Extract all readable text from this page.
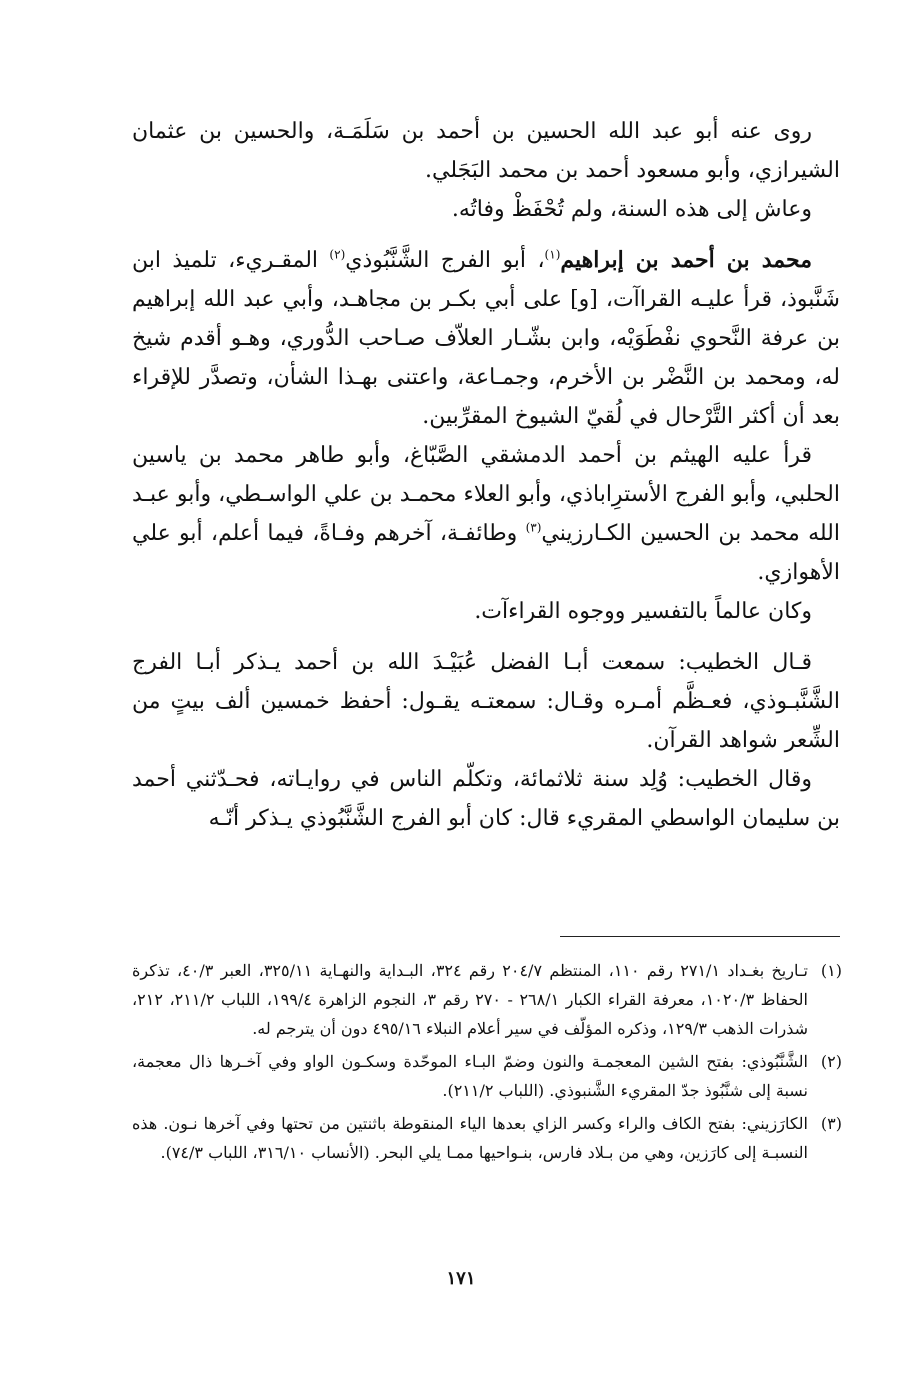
روى عنه أبو عبد الله الحسين بن أحمد بن سَلَمَـة، والحسين بن عثمان الشيرازي، وأبو مسعود أحمد بن محمد البَجَلي.

وعاش إلى هذه السنة، ولم تُحْفَظْ وفاتُه.

محمد بن أحمد بن إبراهيم$^{(١)}$، أبو الفرج الشَّنَّبُوذي$^{(٢)}$ المقـريء، تلميذ ابن شَنَّبوذ، قرأ عليـه القراآت، [و] على أبي بكـر بن مجاهـد، وأبي عبد الله إبراهيم بن عرفة النَّحوي نفْطَوَيْه، وابن بشّـار العلاّف صـاحب الدُّوري، وهـو أقدم شيخ له، ومحمد بن النَّضْر بن الأخرم، وجمـاعة، واعتنى بهـذا الشأن، وتصدَّر للإقراء بعد أن أكثر التَّرْحال في لُقيّ الشيوخ المقرِّبين.

قرأ عليه الهيثم بن أحمد الدمشقي الصَّبّاغ، وأبو طاهر محمد بن ياسين الحلبي، وأبو الفرج الأسترِاباذي، وأبو العلاء محمـد بن علي الواسـطي، وأبو عبـد الله محمد بن الحسين الكـارزيني$^{(٣)}$ وطائفـة، آخرهم وفـاةً، فيما أعلم، أبو علي الأهوازي.

وكان عالماً بالتفسير ووجوه القراءآت.

قـال الخطيب: سمعت أبـا الفضل عُبَيْـدَ الله بن أحمد يـذكر أبـا الفرج الشَّنَّبـوذي، فعـظَّم أمـره وقـال: سمعتـه يقـول: أحفظ خمسين ألف بيتٍ من الشِّعر شواهد القرآن.

وقال الخطيب: وُلِد سنة ثلاثمائة، وتكلّم الناس في روايـاته، فحـدّثني أحمد بن سليمان الواسطي المقريء قال: كان أبو الفرج الشَّنَّبُوذي يـذكر أنّـه

(١)
تـاريخ بغـداد ٢٧١/١ رقم ١١٠، المنتظم ٢٠٤/٧ رقم ٣٢٤، البـداية والنهـاية ٣٢٥/١١، العبر ٤٠/٣، تذكرة الحفاظ ١٠٢٠/٣، معرفة القراء الكبار ٢٦٨/١ - ٢٧٠ رقم ٣، النجوم الزاهرة ١٩٩/٤، اللباب ٢١١/٢، ٢١٢، شذرات الذهب ١٢٩/٣، وذكره المؤلّف في سير أعلام النبلاء ٤٩٥/١٦ دون أن يترجم له.

(٢)
الشَّنَّبُوذي: بفتح الشين المعجمـة والنون وضمّ البـاء الموحّدة وسكـون الواو وفي آخـرها ذال معجمة، نسبة إلى شنَّبُوذ جدّ المقريء الشَّنبوذي. (اللباب ٢١١/٢).

(٣)
الكارَزيني: بفتح الكاف والراء وكسر الزاي بعدها الياء المنقوطة باثنتين من تحتها وفي آخرها نـون. هذه النسبـة إلى كارَزين، وهي من بـلاد فارس، بنـواحيها ممـا يلي البحر. (الأنساب ٣١٦/١٠، اللباب ٧٤/٣).

١٧١
